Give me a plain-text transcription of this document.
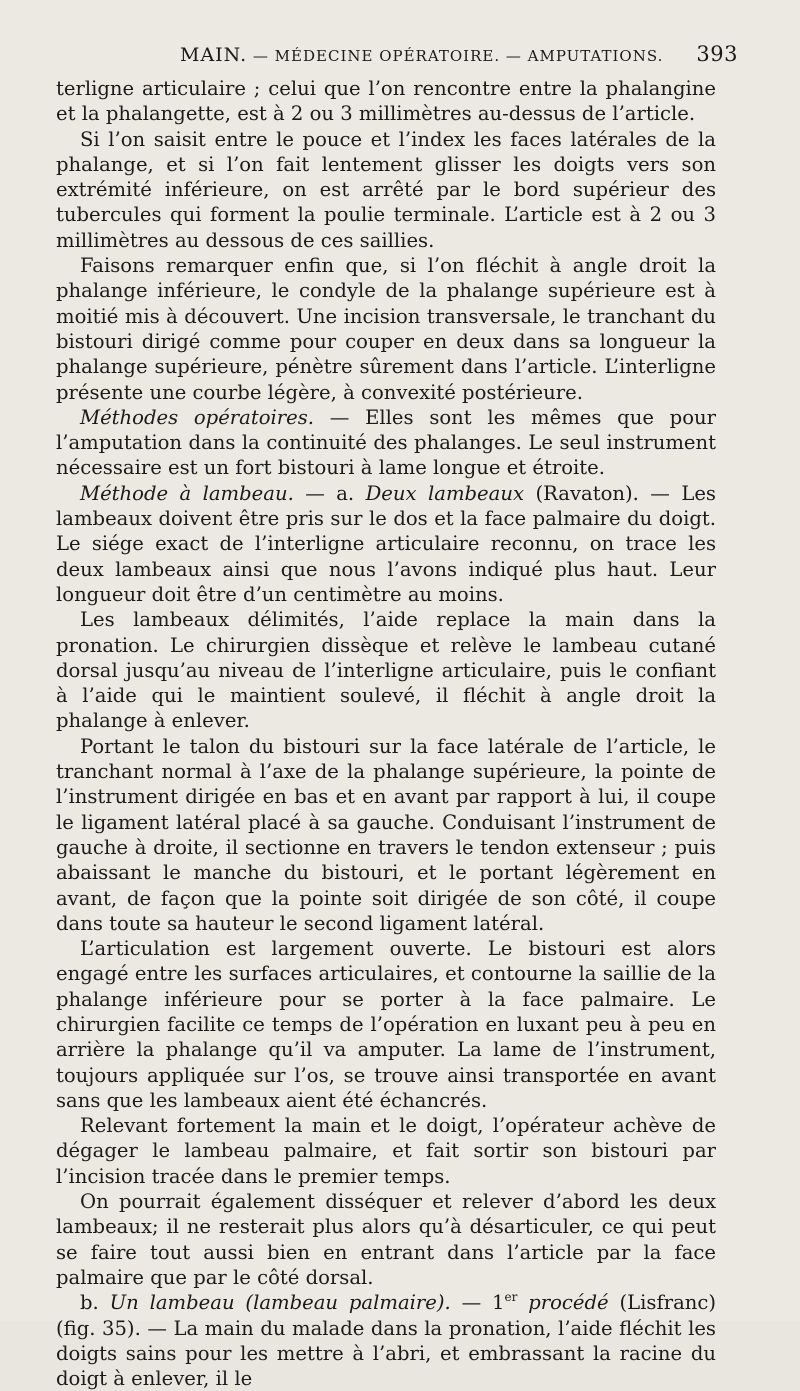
MAIN. — MÉDECINE OPÉRATOIRE. — AMPUTATIONS. 393

terligne articulaire ; celui que l’on rencontre entre la phalangine et la phalangette, est à 2 ou 3 millimètres au-dessus de l’article.

Si l’on saisit entre le pouce et l’index les faces latérales de la phalange, et si l’on fait lentement glisser les doigts vers son extrémité inférieure, on est arrêté par le bord supérieur des tubercules qui forment la poulie terminale. L’article est à 2 ou 3 millimètres au dessous de ces saillies.

Faisons remarquer enfin que, si l’on fléchit à angle droit la phalange inférieure, le condyle de la phalange supérieure est à moitié mis à découvert. Une incision transversale, le tranchant du bistouri dirigé comme pour couper en deux dans sa longueur la phalange supérieure, pénètre sûrement dans l’article. L’interligne présente une courbe légère, à convexité postérieure.

Méthodes opératoires. — Elles sont les mêmes que pour l’amputation dans la continuité des phalanges. Le seul instrument nécessaire est un fort bistouri à lame longue et étroite.

Méthode à lambeau. — a. Deux lambeaux (Ravaton). — Les lambeaux doivent être pris sur le dos et la face palmaire du doigt. Le siége exact de l’interligne articulaire reconnu, on trace les deux lambeaux ainsi que nous l’avons indiqué plus haut. Leur longueur doit être d’un centimètre au moins.

Les lambeaux délimités, l’aide replace la main dans la pronation. Le chirurgien dissèque et relève le lambeau cutané dorsal jusqu’au niveau de l’interligne articulaire, puis le confiant à l’aide qui le maintient soulevé, il fléchit à angle droit la phalange à enlever.

Portant le talon du bistouri sur la face latérale de l’article, le tranchant normal à l’axe de la phalange supérieure, la pointe de l’instrument dirigée en bas et en avant par rapport à lui, il coupe le ligament latéral placé à sa gauche. Conduisant l’instrument de gauche à droite, il sectionne en travers le tendon extenseur ; puis abaissant le manche du bistouri, et le portant légèrement en avant, de façon que la pointe soit dirigée de son côté, il coupe dans toute sa hauteur le second ligament latéral.

L’articulation est largement ouverte. Le bistouri est alors engagé entre les surfaces articulaires, et contourne la saillie de la phalange inférieure pour se porter à la face palmaire. Le chirurgien facilite ce temps de l’opération en luxant peu à peu en arrière la phalange qu’il va amputer. La lame de l’instrument, toujours appliquée sur l’os, se trouve ainsi transportée en avant sans que les lambeaux aient été échancrés.

Relevant fortement la main et le doigt, l’opérateur achève de dégager le lambeau palmaire, et fait sortir son bistouri par l’incision tracée dans le premier temps.

On pourrait également disséquer et relever d’abord les deux lambeaux; il ne resterait plus alors qu’à désarticuler, ce qui peut se faire tout aussi bien en entrant dans l’article par la face palmaire que par le côté dorsal.

b. Un lambeau (lambeau palmaire). — 1er procédé (Lisfranc) (fig. 35). — La main du malade dans la pronation, l’aide fléchit les doigts sains pour les mettre à l’abri, et embrassant la racine du doigt à enlever, il le
